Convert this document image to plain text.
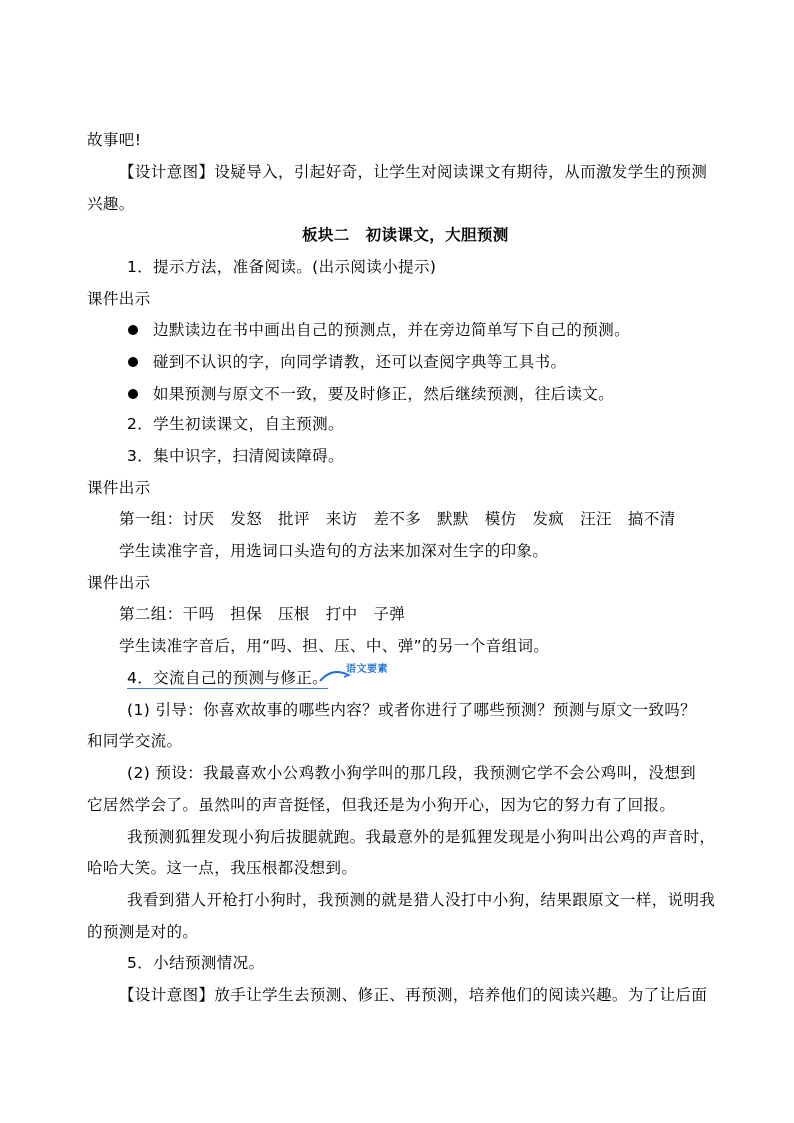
故事吧!
【设计意图】设疑导入，引起好奇，让学生对阅读课文有期待，从而激发学生的预测
兴趣。
板块二　初读课文，大胆预测
1．提示方法，准备阅读。(出示阅读小提示)
课件出示
边默读边在书中画出自己的预测点，并在旁边简单写下自己的预测。
碰到不认识的字，向同学请教，还可以查阅字典等工具书。
如果预测与原文不一致，要及时修正，然后继续预测，往后读文。
2．学生初读课文，自主预测。
3．集中识字，扫清阅读障碍。
课件出示
第一组：讨厌　发怒　批评　来访　差不多　默默　模仿　发疯　汪汪　搞不清
学生读准字音，用选词口头造句的方法来加深对生字的印象。
课件出示
第二组：干吗　担保　压根　打中　子弹
学生读准字音后，用“吗、担、压、中、弹”的另一个音组词。
4．交流自己的预测与修正。 语文要素
(1) 引导：你喜欢故事的哪些内容？或者你进行了哪些预测？预测与原文一致吗？
和同学交流。
(2) 预设：我最喜欢小公鸡教小狗学叫的那几段，我预测它学不会公鸡叫，没想到
它居然学会了。虽然叫的声音挺怪，但我还是为小狗开心，因为它的努力有了回报。
我预测狐狸发现小狗后拔腿就跑。我最意外的是狐狸发现是小狗叫出公鸡的声音时，
哈哈大笑。这一点，我压根都没想到。
我看到猎人开枪打小狗时，我预测的就是猎人没打中小狗，结果跟原文一样，说明我
的预测是对的。
5．小结预测情况。
【设计意图】放手让学生去预测、修正、再预测，培养他们的阅读兴趣。为了让后面
